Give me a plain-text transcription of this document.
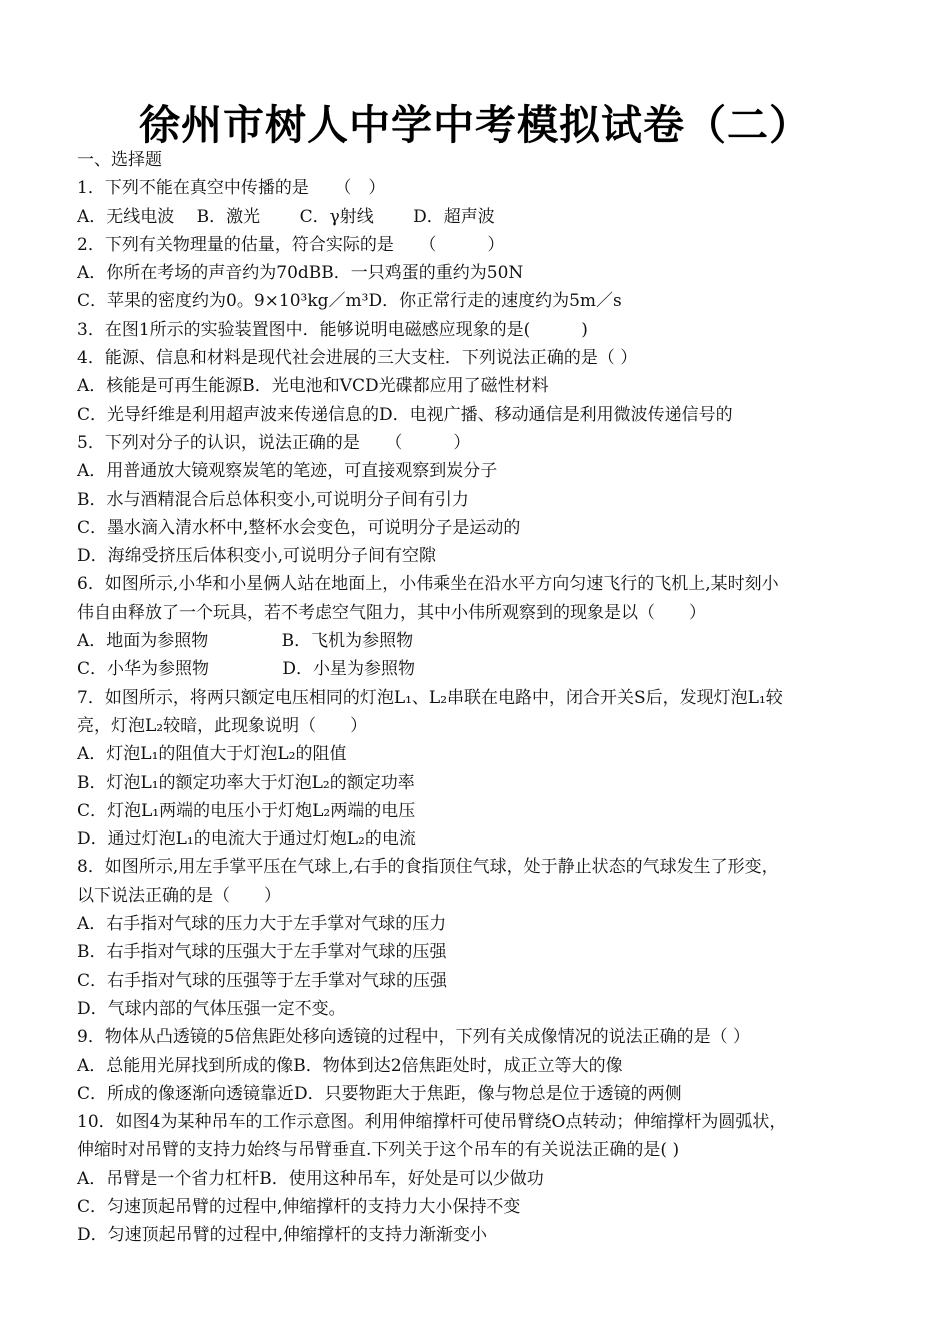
徐州市树人中学中考模拟试卷（二）
一、选择题
1．下列不能在真空中传播的是　　（　）
A．无线电波　 B．激光　　 C．γ射线　　 D．超声波
2．下列有关物理量的估量，符合实际的是　　（　　　）
A．你所在考场的声音约为70dBB．一只鸡蛋的重约为50N
C．苹果的密度约为0。9×10³kg／m³D．你正常行走的速度约为5m／s
3．在图1所示的实验装置图中．能够说明电磁感应现象的是(　　　)
4．能源、信息和材料是现代社会进展的三大支柱．下列说法正确的是（ ）
A．核能是可再生能源B．光电池和VCD光碟都应用了磁性材料
C．光导纤维是利用超声波来传递信息的D．电视广播、移动通信是利用微波传递信号的
5．下列对分子的认识，说法正确的是　　（　　　）
A．用普通放大镜观察炭笔的笔迹，可直接观察到炭分子
B．水与酒精混合后总体积变小,可说明分子间有引力
C．墨水滴入清水杯中,整杯水会变色，可说明分子是运动的
D．海绵受挤压后体积变小,可说明分子间有空隙
6．如图所示,小华和小星俩人站在地面上，小伟乘坐在沿水平方向匀速飞行的飞机上,某时刻小
伟自由释放了一个玩具，若不考虑空气阻力，其中小伟所观察到的现象是以（　　）
A．地面为参照物　　　　 B．飞机为参照物
C．小华为参照物　　　　 D．小星为参照物
7．如图所示，将两只额定电压相同的灯泡L₁、L₂串联在电路中，闭合开关S后，发现灯泡L₁较
亮，灯泡L₂较暗，此现象说明（　　）
A．灯泡L₁的阻值大于灯泡L₂的阻值
B．灯泡L₁的额定功率大于灯泡L₂的额定功率
C．灯泡L₁两端的电压小于灯炮L₂两端的电压
D．通过灯泡L₁的电流大于通过灯炮L₂的电流
8．如图所示,用左手掌平压在气球上,右手的食指顶住气球，处于静止状态的气球发生了形变，
以下说法正确的是（　　）
A．右手指对气球的压力大于左手掌对气球的压力
B．右手指对气球的压强大于左手掌对气球的压强
C．右手指对气球的压强等于左手掌对气球的压强
D．气球内部的气体压强一定不变。
9．物体从凸透镜的5倍焦距处移向透镜的过程中，下列有关成像情况的说法正确的是（ ）
A．总能用光屏找到所成的像B．物体到达2倍焦距处时，成正立等大的像
C．所成的像逐渐向透镜靠近D．只要物距大于焦距，像与物总是位于透镜的两侧
10．如图4为某种吊车的工作示意图。利用伸缩撑杆可使吊臂绕O点转动；伸缩撑杆为圆弧状，
伸缩时对吊臂的支持力始终与吊臂垂直.下列关于这个吊车的有关说法正确的是( )
A．吊臂是一个省力杠杆B．使用这种吊车，好处是可以少做功
C．匀速顶起吊臂的过程中,伸缩撑杆的支持力大小保持不变
D．匀速顶起吊臂的过程中,伸缩撑杆的支持力渐渐变小
